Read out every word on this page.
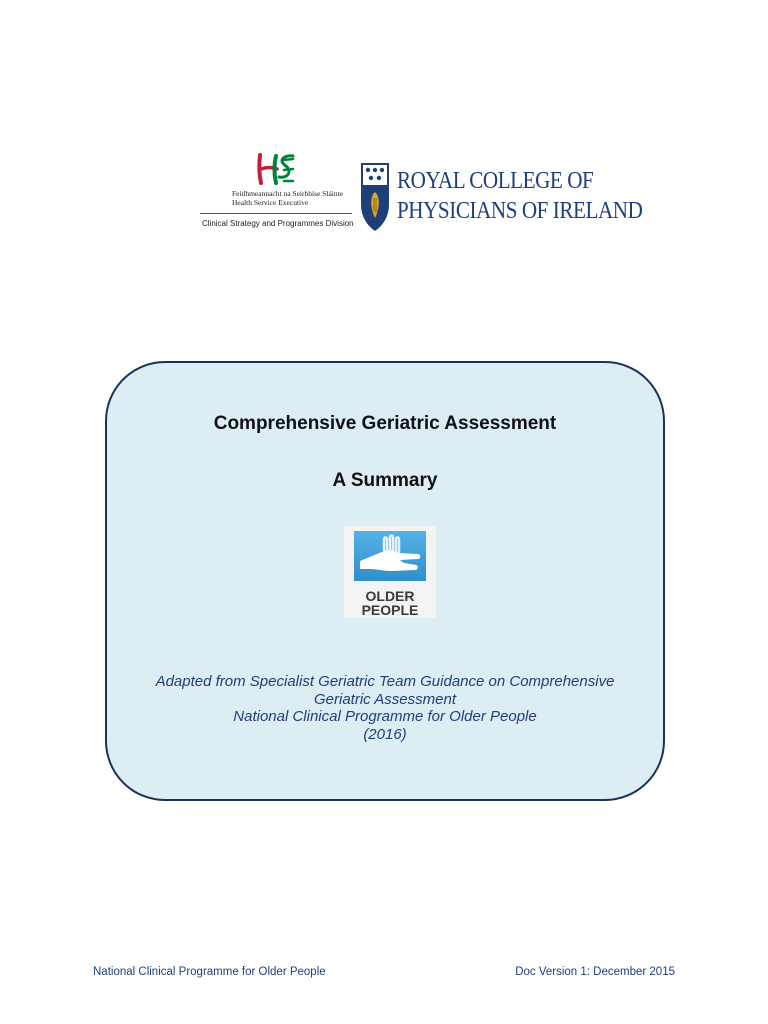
Feidhmeannacht na Seirbhíse Sláinte
Health Service Executive
Clinical Strategy and Programmes Division
ROYAL COLLEGE OF
PHYSICIANS OF IRELAND
Comprehensive Geriatric Assessment
A Summary
OLDER
PEOPLE
Adapted from Specialist Geriatric Team Guidance on Comprehensive
Geriatric Assessment
National Clinical Programme for Older People
(2016)
National Clinical Programme for Older People	Doc Version 1: December 2015
